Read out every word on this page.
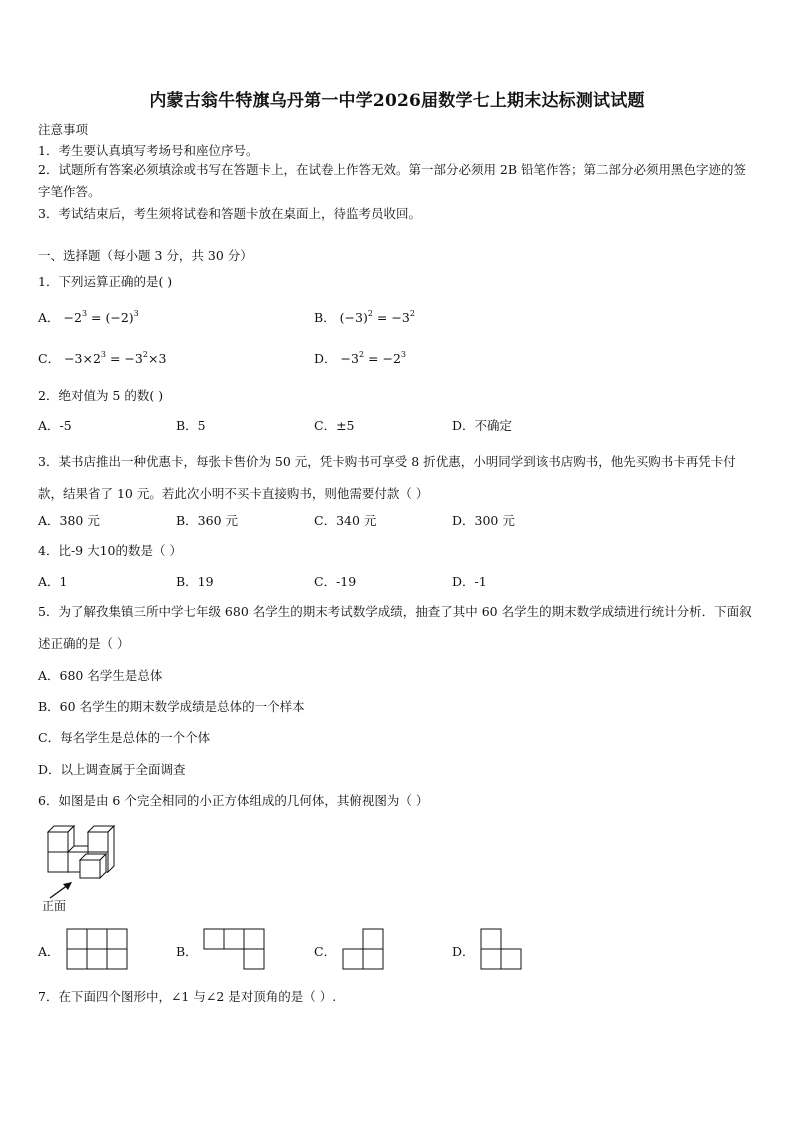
内蒙古翁牛特旗乌丹第一中学2026届数学七上期末达标测试试题
注意事项
1．考生要认真填写考场号和座位序号。
2．试题所有答案必须填涂或书写在答题卡上，在试卷上作答无效。第一部分必须用 2B 铅笔作答；第二部分必须用黑色字迹的签字笔作答。
3．考试结束后，考生须将试卷和答题卡放在桌面上，待监考员收回。
一、选择题（每小题 3 分，共 30 分）
1．下列运算正确的是( )
A． $-2^3 = (-2)^3$	B． $(-3)^2 = -3^2$
C． $-3\times 2^3 = -3^2\times 3$	D． $-3^2 = -2^3$
2．绝对值为 5 的数( )
A．-5	B．5	C．±5	D．不确定
3．某书店推出一种优惠卡，每张卡售价为 50 元，凭卡购书可享受 8 折优惠，小明同学到该书店购书，他先买购书卡再凭卡付款，结果省了 10 元。若此次小明不买卡直接购书，则他需要付款（ ）
A．380 元	B．360 元	C．340 元	D．300 元
4．比-9 大10的数是（ ）
A．1	B．19	C．-19	D．-1
5．为了解孜集镇三所中学七年级 680 名学生的期末考试数学成绩，抽查了其中 60 名学生的期末数学成绩进行统计分析．下面叙述正确的是（ ）
A．680 名学生是总体
B．60 名学生的期末数学成绩是总体的一个样本
C．每名学生是总体的一个个体
D．以上调查属于全面调查
6．如图是由 6 个完全相同的小正方体组成的几何体，其俯视图为（ ）
正面
A．	B．	C．	D．
7．在下面四个图形中，∠1 与∠2 是对顶角的是（ ）.
